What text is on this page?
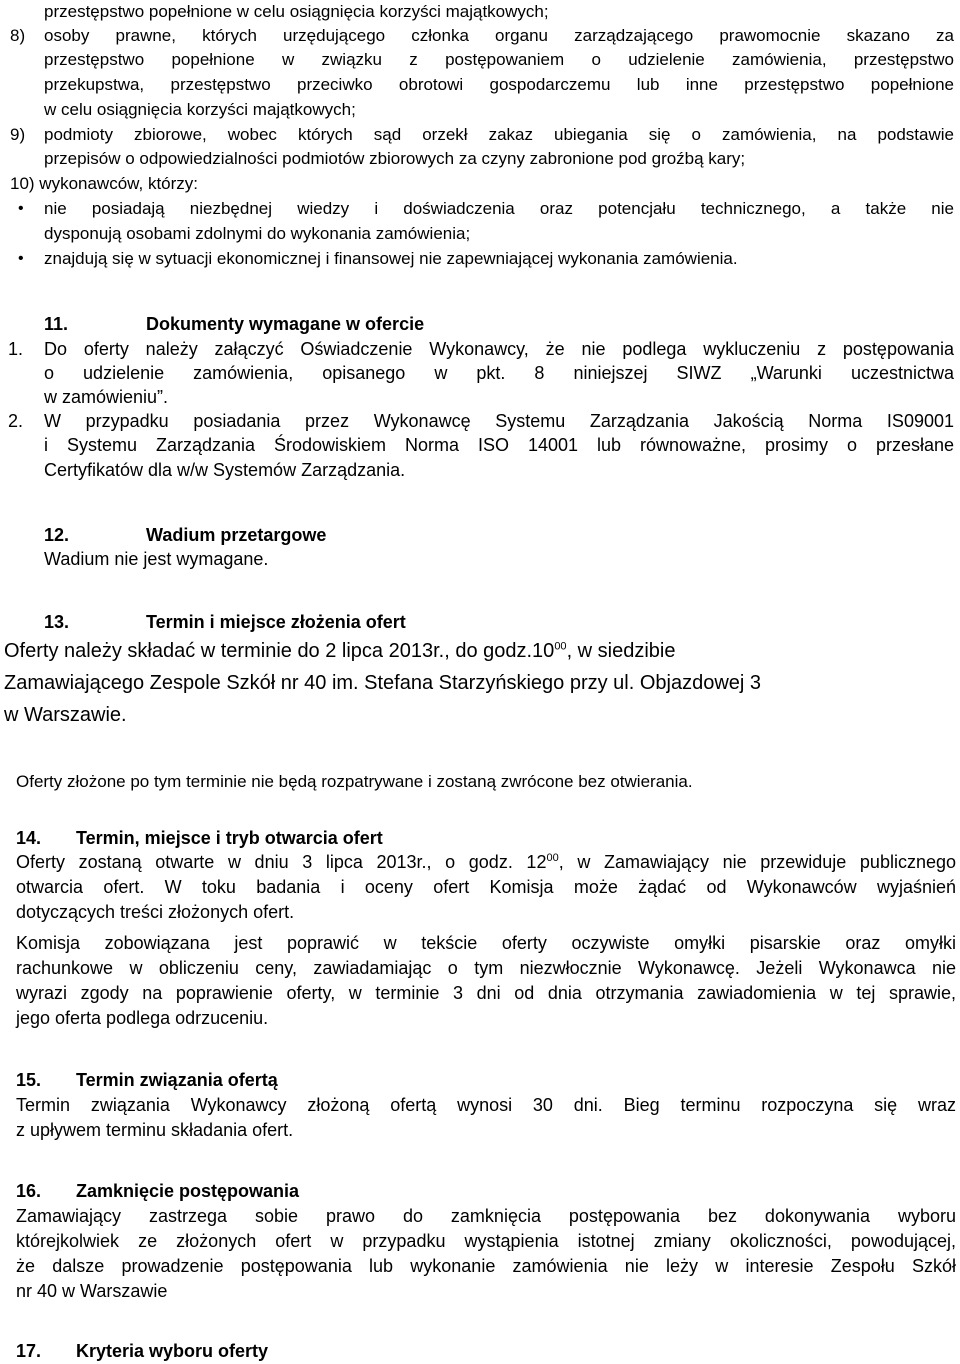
przestępstwo popełnione w celu osiągnięcia korzyści majątkowych;
8) osoby prawne, których urzędującego członka organu zarządzającego prawomocnie skazano za
przestępstwo popełnione w związku z postępowaniem o udzielenie zamówienia, przestępstwo
przekupstwa, przestępstwo przeciwko obrotowi gospodarczemu lub inne przestępstwo popełnione
w celu osiągnięcia korzyści majątkowych;
9) podmioty zbiorowe, wobec których sąd orzekł zakaz ubiegania się o zamówienia, na podstawie
przepisów o odpowiedzialności podmiotów zbiorowych za czyny zabronione pod groźbą kary;
10) wykonawców, którzy:
• nie posiadają niezbędnej wiedzy i doświadczenia oraz potencjału technicznego, a także nie
dysponują osobami zdolnymi do wykonania zamówienia;
• znajdują się w sytuacji ekonomicznej i finansowej nie zapewniającej wykonania zamówienia.
11.	Dokumenty wymagane w ofercie
1. Do oferty należy załączyć Oświadczenie Wykonawcy, że nie podlega wykluczeniu z postępowania
o udzielenie zamówienia, opisanego w pkt. 8 niniejszej SIWZ „Warunki uczestnictwa
w zamówieniu”.
2. W przypadku posiadania przez Wykonawcę Systemu Zarządzania Jakością Norma IS09001
i Systemu Zarządzania Środowiskiem Norma ISO 14001 lub równoważne, prosimy o przesłane
Certyfikatów dla w/w Systemów Zarządzania.
12.	Wadium przetargowe
Wadium nie jest wymagane.
13.	Termin i miejsce złożenia ofert
Oferty należy składać w terminie do 2 lipca 2013r., do $godz.10^{00}$, w siedzibie
Zamawiającego Zespole Szkół nr 40 im. Stefana Starzyńskiego przy ul. Objazdowej 3
w Warszawie.
Oferty złożone po tym terminie nie będą rozpatrywane i zostaną zwrócone bez otwierania.
14. Termin, miejsce i tryb otwarcia ofert
Oferty zostaną otwarte w dniu 3 lipca 2013r., o godz. $12^{00}$, w Zamawiający nie przewiduje publicznego
otwarcia ofert. W toku badania i oceny ofert Komisja może żądać od Wykonawców wyjaśnień
dotyczących treści złożonych ofert.
Komisja zobowiązana jest poprawić w tekście oferty oczywiste omyłki pisarskie oraz omyłki
rachunkowe w obliczeniu ceny, zawiadamiając o tym niezwłocznie Wykonawcę. Jeżeli Wykonawca nie
wyrazi zgody na poprawienie oferty, w terminie 3 dni od dnia otrzymania zawiadomienia w tej sprawie,
jego oferta podlega odrzuceniu.
15. Termin związania ofertą
Termin związania Wykonawcy złożoną ofertą wynosi 30 dni. Bieg terminu rozpoczyna się wraz
z upływem terminu składania ofert.
16. Zamknięcie postępowania
Zamawiający zastrzega sobie prawo do zamknięcia postępowania bez dokonywania wyboru
którejkolwiek ze złożonych ofert w przypadku wystąpienia istotnej zmiany okoliczności, powodującej,
że dalsze prowadzenie postępowania lub wykonanie zamówienia nie leży w interesie Zespołu Szkół
nr 40 w Warszawie
17. Kryteria wyboru oferty
